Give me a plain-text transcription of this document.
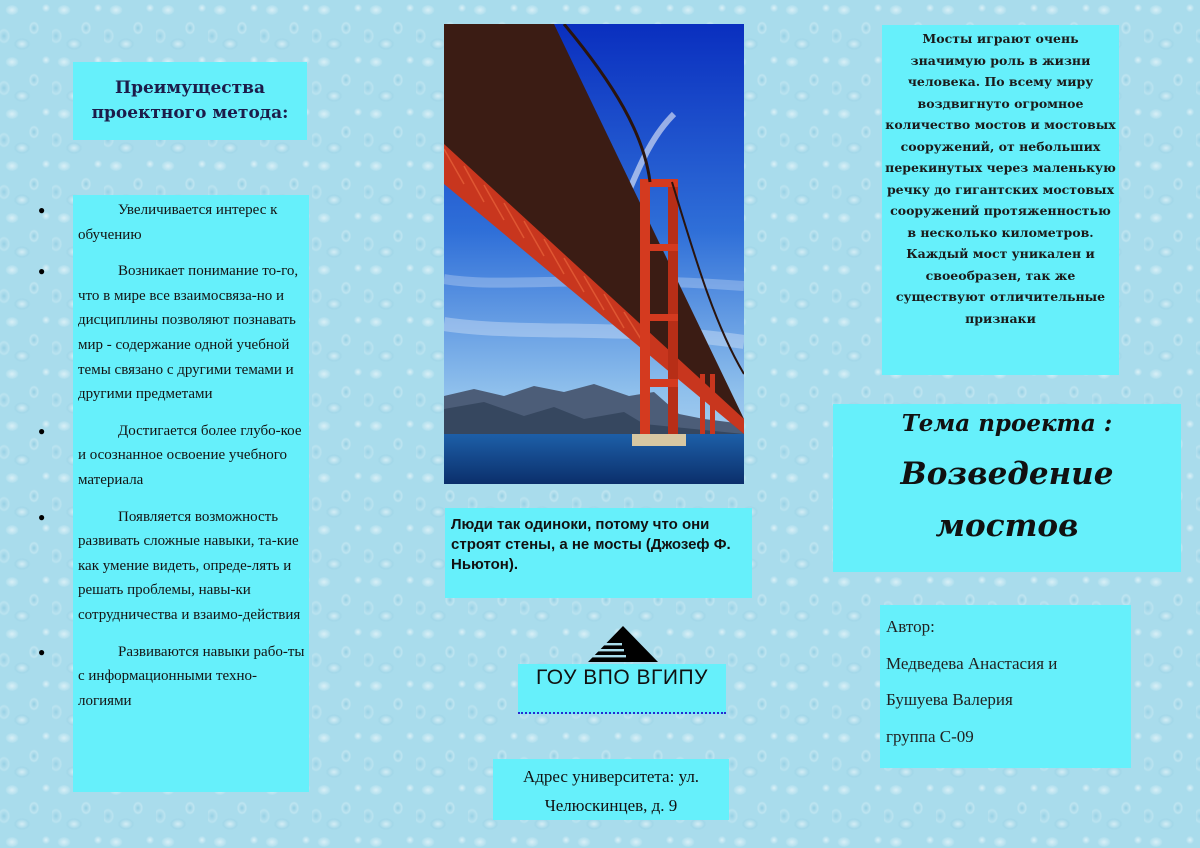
Преимущества проектного метода:
●	Увеличивается интерес к обучению
●	Возникает понимание то-го, что в мире все взаимосвяза-но и дисциплины позволяют познавать мир - содержание одной учебной темы связано с другими темами и другими предметами
●	Достигается более глубо-кое и осознанное освоение учебного материала
●	Появляется возможность развивать сложные навыки, та-кие как умение видеть, опреде-лять и решать проблемы, навы-ки сотрудничества и взаимо-действия
●	Развиваются навыки рабо-ты с информационными техно-логиями
Люди так одиноки, потому что они строят стены, а не мосты (Джозеф Ф. Ньютон).
ГОУ ВПО ВГИПУ
Адрес университета: ул. Челюскинцев, д. 9
Мосты играют очень значимую роль в жизни человека. По всему миру воздвигнуто огромное количество мостов и мостовых сооружений, от небольших перекинутых через маленькую речку до гигантских мостовых сооружений протяженностью в несколько километров. Каждый мост уникален и своеобразен, так же существуют отличительные признаки
Тема проекта :
Возведение мостов
Автор:
Медведева Анастасия и
Бушуева Валерия
группа С-09
